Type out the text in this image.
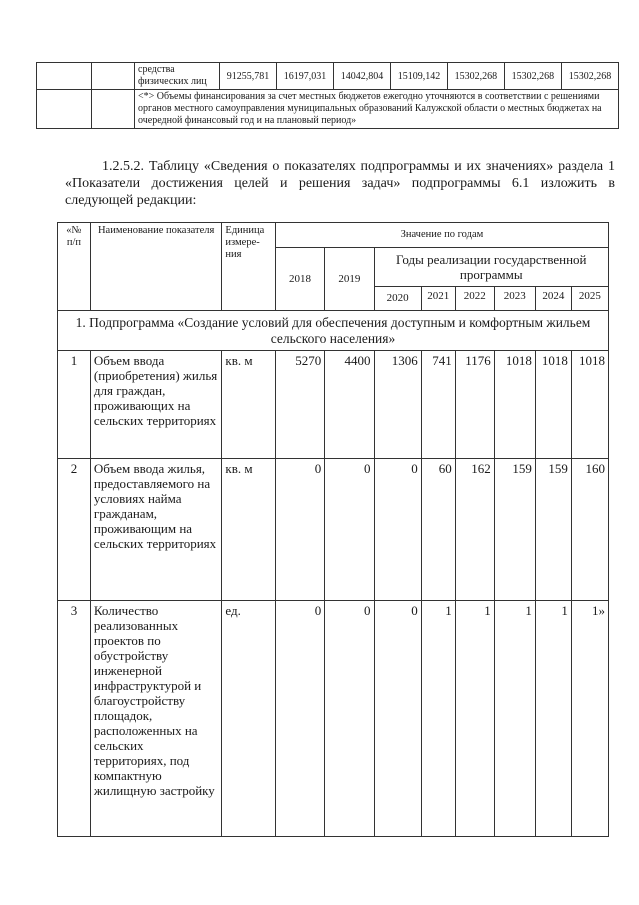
		средства физических лиц	91255,781	16197,031	14042,804	15109,142	15302,268	15302,268	15302,268
		<*> Объемы финансирования за счет местных бюджетов ежегодно уточняются в соответствии с решениями органов местного самоуправления муниципальных образований Калужской области о местных бюджетах на очередной финансовый год и на плановый период»							

1.2.5.2. Таблицу «Сведения о показателях подпрограммы и их значениях» раздела 1 «Показатели достижения целей и решения задач» подпрограммы 6.1 изложить в следующей редакции:

«№ п/п	Наименование показателя	Единица измере-ния	Значение по годам							
			2018	2019	Годы реализации государственной программы					
					2020	2021	2022	2023	2024	2025
1. Подпрограмма «Создание условий для обеспечения доступным и комфортным жильем сельского населения»										
1	Объем ввода (приобретения) жилья для граждан, проживающих на сельских территориях	кв. м	5270	4400	1306	741	1176	1018	1018	1018
2	Объем ввода жилья, предоставляемого на условиях найма гражданам, проживающим на сельских территориях	кв. м	0	0	0	60	162	159	159	160
3	Количество реализованных проектов по обустройству инженерной инфраструктурой и благоустройству площадок, расположенных на сельских территориях, под компактную жилищную застройку	ед.	0	0	0	1	1	1	1	1»
